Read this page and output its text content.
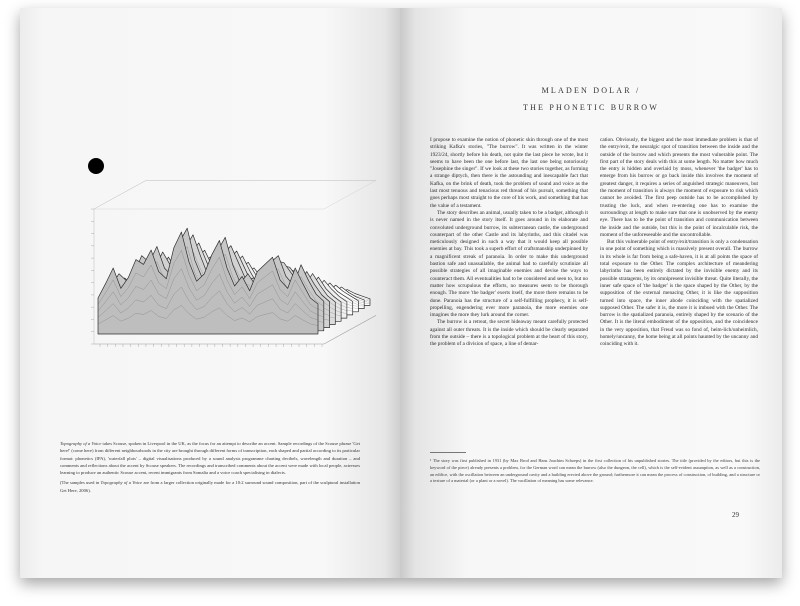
Topography of a Voice takes Scouse, spoken in Liverpool in the UK, as the focus for an attempt to describe an accent. Sample recordings of the Scouse phrase 'Get here!' (come here) from different neighbourhoods in the city are brought through different forms of transcription, each shaped and partial according to its particular format: phonetics (IPA), 'waterfall plots' – digital visualisations produced by a sound analysis programme charting decibels, wavelength and duration – and comments and reflections about the accent by Scouse speakers. The recordings and transcribed comments about the accent were made with local people, actresses learning to produce an authentic Scouse accent, recent immigrants from Somalia and a voice coach specialising in dialects.

(The samples used in Topography of a Voice are from a larger collection originally made for a 10:2 surround sound composition, part of the sculptural installation Get Here, 2006).

MLADEN DOLAR /
THE PHONETIC BURROW

I propose to examine the notion of phonetic skin through one of the most striking Kafka's stories, "The burrow". It was written in the winter 1923/24, shortly before his death, not quite the last piece he wrote, but it seems to have been the one before last, the last one being notoriously "Josephine the singer". If we look at these two stories together, as forming a strange diptych, then there is the astounding and inescapable fact that Kafka, on the brink of death, took the problem of sound and voice as the last most tenuous and tenacious red thread of his pursuit, something that goes perhaps most straight to the core of his work, and something that has the value of a testament.

The story describes an animal, usually taken to be a badger, although it is never named in the story itself. It goes around in its elaborate and convoluted underground burrow, its subterranean castle, the underground counterpart of the other Castle and its labyrinths, and this citadel was meticulously designed in such a way that it would keep all possible enemies at bay. This took a superb effort of craftsmanship underpinned by a magnificent streak of paranoia. In order to make this underground bastion safe and unassailable, the animal had to carefully scrutinize all possible strategies of all imaginable enemies and devise the ways to counteract them. All eventualities had to be considered and seen to, but no matter how scrupulous the efforts, no measures seem to be thorough enough. The more 'the badger' exerts itself, the more there remains to be done. Paranoia has the structure of a self-fulfilling prophecy, it is self-propelling, engendering ever more paranoia, the more enemies one imagines the more they lurk around the corner.

The burrow is a retreat, the secret hideaway meant carefully protected against all outer threats. It is the inside which should be clearly separated from the outside – there is a topological problem at the heart of this story, the problem of a division of space, a line of demar-

cation. Obviously, the biggest and the most immediate problem is that of the entry/exit, the neuralgic spot of transition between the inside and the outside of the burrow and which presents the most vulnerable point. The first part of the story deals with this at some length. No matter how much the entry is hidden and overlaid by moss, whenever 'the badger' has to emerge from his burrow or go back inside this involves the moment of greatest danger, it requires a series of anguished strategic maneuvers, but the moment of transition is always the moment of exposure to risk which cannot be avoided. The first peep outside has to be accomplished by trusting the luck, and when re-entering one has to examine the surroundings at length to make sure that one is unobserved by the enemy eye. There has to be the point of transition and communication between the inside and the outside, but this is the point of incalculable risk, the moment of the unforeseeable and the uncontrollable.

But this vulnerable point of entry/exit/transition is only a condensation in one point of something which is massively present overall. The burrow in its whole is far from being a safe-haven, it is at all points the space of total exposure to the Other. The complex architecture of meandering labyrinths has been entirely dictated by the invisible enemy and its possible stratagems, by its omnipresent invisible threat. Quite literally, the inner safe space of 'the badger' is the space shaped by the Other, by the supposition of the external menacing Other, it is like the supposition turned into space, the inner abode coinciding with the spatialized supposed Other. The safer it is, the more it is imbued with the Other. The burrow is the spatialized paranoia, entirely shaped by the scenario of the Other. It is the literal embodiment of the opposition, and the coincidence in the very opposition, that Freud was so fond of, heim-lich/unheimlich, homely/uncanny, the home being at all points haunted by the uncanny and coinciding with it.

¹ The story was first published in 1931 (by Max Brod and Hans Joachim Schoeps) in the first collection of his unpublished stories. The title (provided by the editors, but this is the keyword of the piece) already presents a problem, for the German word can mean the burrow (also the dungeon, the cell), which is the self-evident assumption, as well as a construction, an edifice, with the oscillation between an underground cavity and a building erected above the ground; furthermore it can mean the process of construction, of building, and a structure or a texture of a material (or a plant or a novel). The vacillation of meaning has some relevance.
29
